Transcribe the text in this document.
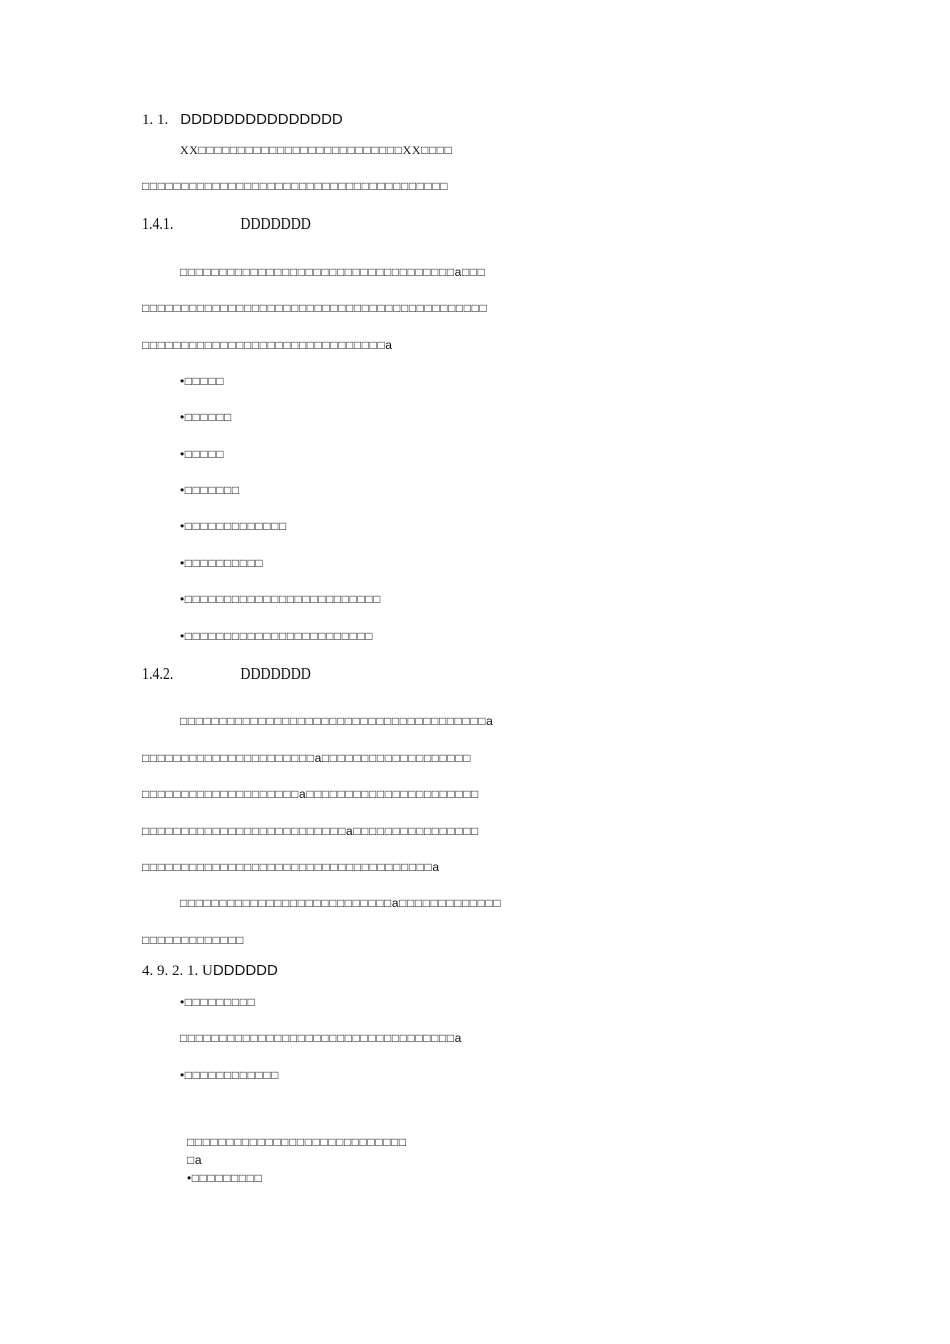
1. 1. DDDDDDDDDDDDDDD
XX□□□□□□□□□□□□□□□□□□□□□□□□□□XX□□□□
□□□□□□□□□□□□□□□□□□□□□□□□□□□□□□□□□□□□□□□
1.4.1.	DDDDDDD
□□□□□□□□□□□□□□□□□□□□□□□□□□□□□□□□□□□a□□□
□□□□□□□□□□□□□□□□□□□□□□□□□□□□□□□□□□□□□□□□□□□□
□□□□□□□□□□□□□□□□□□□□□□□□□□□□□□□a
•□□□□□
•□□□□□□
•□□□□□
•□□□□□□□
•□□□□□□□□□□□□□
•□□□□□□□□□□
•□□□□□□□□□□□□□□□□□□□□□□□□□
•□□□□□□□□□□□□□□□□□□□□□□□□
1.4.2.	DDDDDDD
□□□□□□□□□□□□□□□□□□□□□□□□□□□□□□□□□□□□□□□a
□□□□□□□□□□□□□□□□□□□□□□a□□□□□□□□□□□□□□□□□□□
□□□□□□□□□□□□□□□□□□□□a□□□□□□□□□□□□□□□□□□□□□□
□□□□□□□□□□□□□□□□□□□□□□□□□□a□□□□□□□□□□□□□□□□
□□□□□□□□□□□□□□□□□□□□□□□□□□□□□□□□□□□□□a
□□□□□□□□□□□□□□□□□□□□□□□□□□□a□□□□□□□□□□□□□
□□□□□□□□□□□□□
4. 9. 2. 1. UDDDDDD
•□□□□□□□□□
□□□□□□□□□□□□□□□□□□□□□□□□□□□□□□□□□□□a
•□□□□□□□□□□□□
□□□□□□□□□□□□□□□□□□□□□□□□□□□□
□a
•□□□□□□□□□
